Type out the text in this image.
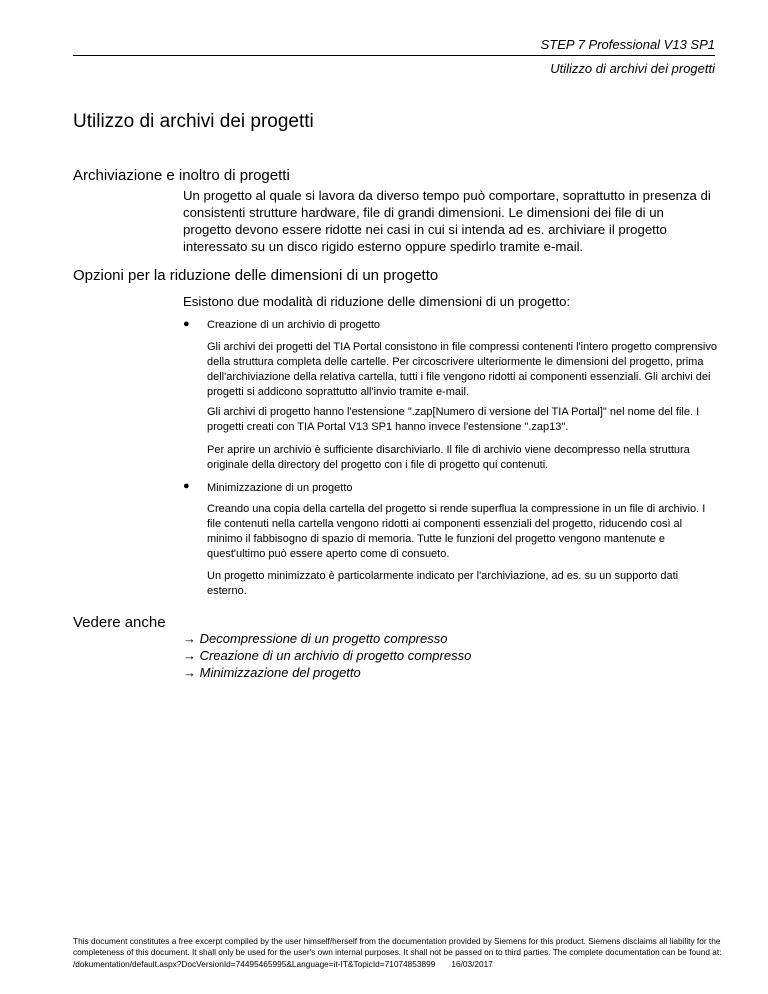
STEP 7 Professional V13 SP1
Utilizzo di archivi dei progetti
Utilizzo di archivi dei progetti
Archiviazione e inoltro di progetti

Un progetto al quale si lavora da diverso tempo può comportare, soprattutto in presenza di consistenti strutture hardware, file di grandi dimensioni. Le dimensioni dei file di un progetto devono essere ridotte nei casi in cui si intenda ad es. archiviare il progetto interessato su un disco rigido esterno oppure spedirlo tramite e-mail.

Opzioni per la riduzione delle dimensioni di un progetto

Esistono due modalità di riduzione delle dimensioni di un progetto:

● Creazione di un archivio di progetto

Gli archivi dei progetti del TIA Portal consistono in file compressi contenenti l'intero progetto comprensivo della struttura completa delle cartelle. Per circoscrivere ulteriormente le dimensioni del progetto, prima dell'archiviazione della relativa cartella, tutti i file vengono ridotti ai componenti essenziali. Gli archivi dei progetti si addicono soprattutto all'invio tramite e-mail.

Gli archivi di progetto hanno l'estensione ".zap[Numero di versione del TIA Portal]" nel nome del file. I progetti creati con TIA Portal V13 SP1 hanno invece l'estensione ".zap13".

Per aprire un archivio è sufficiente disarchiviarlo. Il file di archivio viene decompresso nella struttura originale della directory del progetto con i file di progetto qui contenuti.

● Minimizzazione di un progetto

Creando una copia della cartella del progetto si rende superflua la compressione in un file di archivio. I file contenuti nella cartella vengono ridotti ai componenti essenziali del progetto, riducendo così al minimo il fabbisogno di spazio di memoria. Tutte le funzioni del progetto vengono mantenute e quest'ultimo può essere aperto come di consueto.

Un progetto minimizzato è particolarmente indicato per l'archiviazione, ad es. su un supporto dati esterno.

Vedere anche
→ Decompressione di un progetto compresso
→ Creazione di un archivio di progetto compresso
→ Minimizzazione del progetto
This document constitutes a free excerpt compiled by the user himself/herself from the documentation provided by Siemens for this product. Siemens disclaims all liability for the completeness of this document. It shall only be used for the user's own internal purposes. It shall not be passed on to third parties. The complete documentation can be found at:
/dokumentation/default.aspx?DocVersionId=74495465995&Language=it-IT&TopicId=71074853899 16/03/2017
